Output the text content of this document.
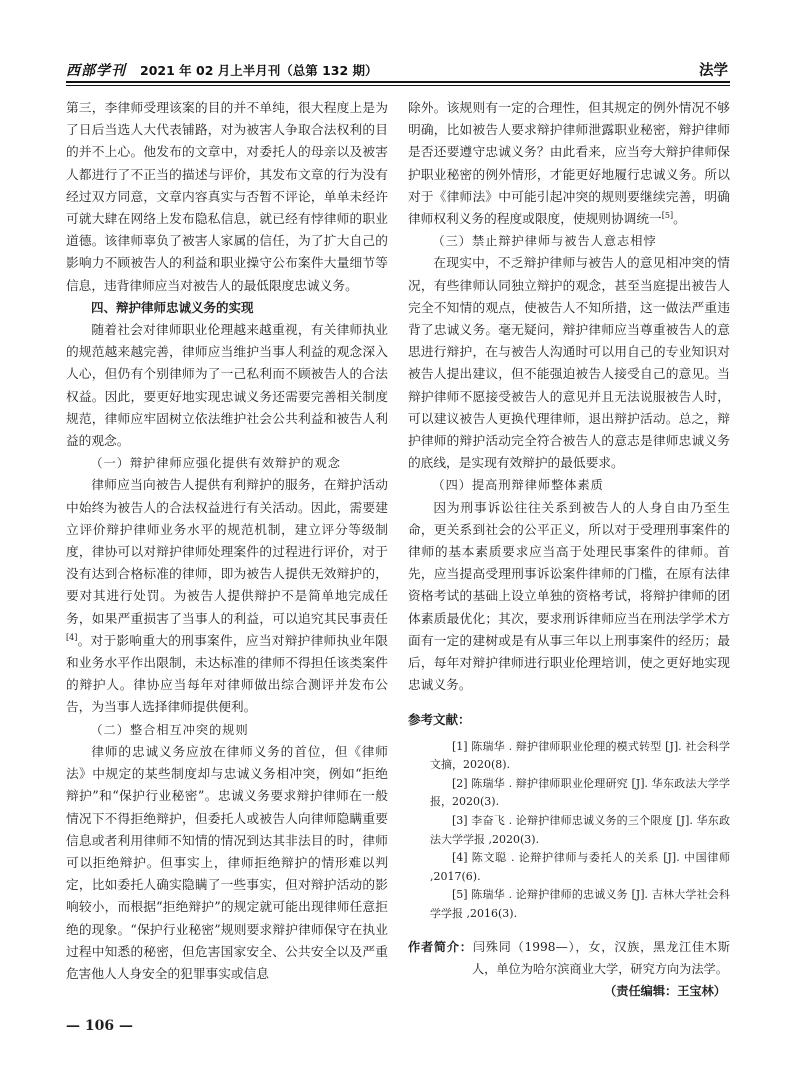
西部学刊 2021 年 02 月上半月刊（总第 132 期）	法学

第三，李律师受理该案的目的并不单纯，很大程度上是为了日后当选人大代表铺路，对为被害人争取合法权利的目的并不上心。他发布的文章中，对委托人的母亲以及被害人都进行了不正当的描述与评价，其发布文章的行为没有经过双方同意，文章内容真实与否暂不评论，单单未经许可就大肆在网络上发布隐私信息，就已经有悖律师的职业道德。该律师辜负了被害人家属的信任，为了扩大自己的影响力不顾被告人的利益和职业操守公布案件大量细节等信息，违背律师应当对被告人的最低限度忠诚义务。

四、辩护律师忠诚义务的实现

随着社会对律师职业伦理越来越重视，有关律师执业的规范越来越完善，律师应当维护当事人利益的观念深入人心，但仍有个别律师为了一己私利而不顾被告人的合法权益。因此，要更好地实现忠诚义务还需要完善相关制度规范，律师应牢固树立依法维护社会公共利益和被告人利益的观念。

（一）辩护律师应强化提供有效辩护的观念

律师应当向被告人提供有利辩护的服务，在辩护活动中始终为被告人的合法权益进行有关活动。因此，需要建立评价辩护律师业务水平的规范机制，建立评分等级制度，律协可以对辩护律师处理案件的过程进行评价，对于没有达到合格标准的律师，即为被告人提供无效辩护的，要对其进行处罚。为被告人提供辩护不是简单地完成任务，如果严重损害了当事人的利益，可以追究其民事责任[4]。对于影响重大的刑事案件，应当对辩护律师执业年限和业务水平作出限制，未达标准的律师不得担任该类案件的辩护人。律协应当每年对律师做出综合测评并发布公告，为当事人选择律师提供便利。

（二）整合相互冲突的规则

律师的忠诚义务应放在律师义务的首位，但《律师法》中规定的某些制度却与忠诚义务相冲突，例如“拒绝辩护”和“保护行业秘密”。忠诚义务要求辩护律师在一般情况下不得拒绝辩护，但委托人或被告人向律师隐瞒重要信息或者利用律师不知情的情况到达其非法目的时，律师可以拒绝辩护。但事实上，律师拒绝辩护的情形难以判定，比如委托人确实隐瞒了一些事实，但对辩护活动的影响较小，而根据“拒绝辩护”的规定就可能出现律师任意拒绝的现象。“保护行业秘密”规则要求辩护律师保守在执业过程中知悉的秘密，但危害国家安全、公共安全以及严重危害他人人身安全的犯罪事实或信息

除外。该规则有一定的合理性，但其规定的例外情况不够明确，比如被告人要求辩护律师泄露职业秘密，辩护律师是否还要遵守忠诚义务？由此看来，应当夸大辩护律师保护职业秘密的例外情形，才能更好地履行忠诚义务。所以对于《律师法》中可能引起冲突的规则要继续完善，明确律师权利义务的程度或限度，使规则协调统一[5]。

（三）禁止辩护律师与被告人意志相悖

在现实中，不乏辩护律师与被告人的意见相冲突的情况，有些律师认同独立辩护的观念，甚至当庭提出被告人完全不知情的观点，使被告人不知所措，这一做法严重违背了忠诚义务。毫无疑问，辩护律师应当尊重被告人的意思进行辩护，在与被告人沟通时可以用自己的专业知识对被告人提出建议，但不能强迫被告人接受自己的意见。当辩护律师不愿接受被告人的意见并且无法说服被告人时，可以建议被告人更换代理律师，退出辩护活动。总之，辩护律师的辩护活动完全符合被告人的意志是律师忠诚义务的底线，是实现有效辩护的最低要求。

（四）提高刑辩律师整体素质

因为刑事诉讼往往关系到被告人的人身自由乃至生命，更关系到社会的公平正义，所以对于受理刑事案件的律师的基本素质要求应当高于处理民事案件的律师。首先，应当提高受理刑事诉讼案件律师的门槛，在原有法律资格考试的基础上设立单独的资格考试，将辩护律师的团体素质最优化；其次，要求刑诉律师应当在刑法学学术方面有一定的建树或是有从事三年以上刑事案件的经历；最后，每年对辩护律师进行职业伦理培训，使之更好地实现忠诚义务。

参考文献：

[1] 陈瑞华 . 辩护律师职业伦理的模式转型 [J]. 社会科学文摘，2020(8).

[2] 陈瑞华 . 辩护律师职业伦理研究 [J]. 华东政法大学学报，2020(3).

[3] 李奋飞 . 论辩护律师忠诚义务的三个限度 [J]. 华东政法大学学报 ,2020(3).

[4] 陈文聪 . 论辩护律师与委托人的关系 [J]. 中国律师 ,2017(6).

[5] 陈瑞华 . 论辩护律师的忠诚义务 [J]. 吉林大学社会科学学报 ,2016(3).

作者简介：闫殊同（1998—），女，汉族，黑龙江佳木斯人，单位为哈尔滨商业大学，研究方向为法学。
（责任编辑：王宝林）
— 106 —
